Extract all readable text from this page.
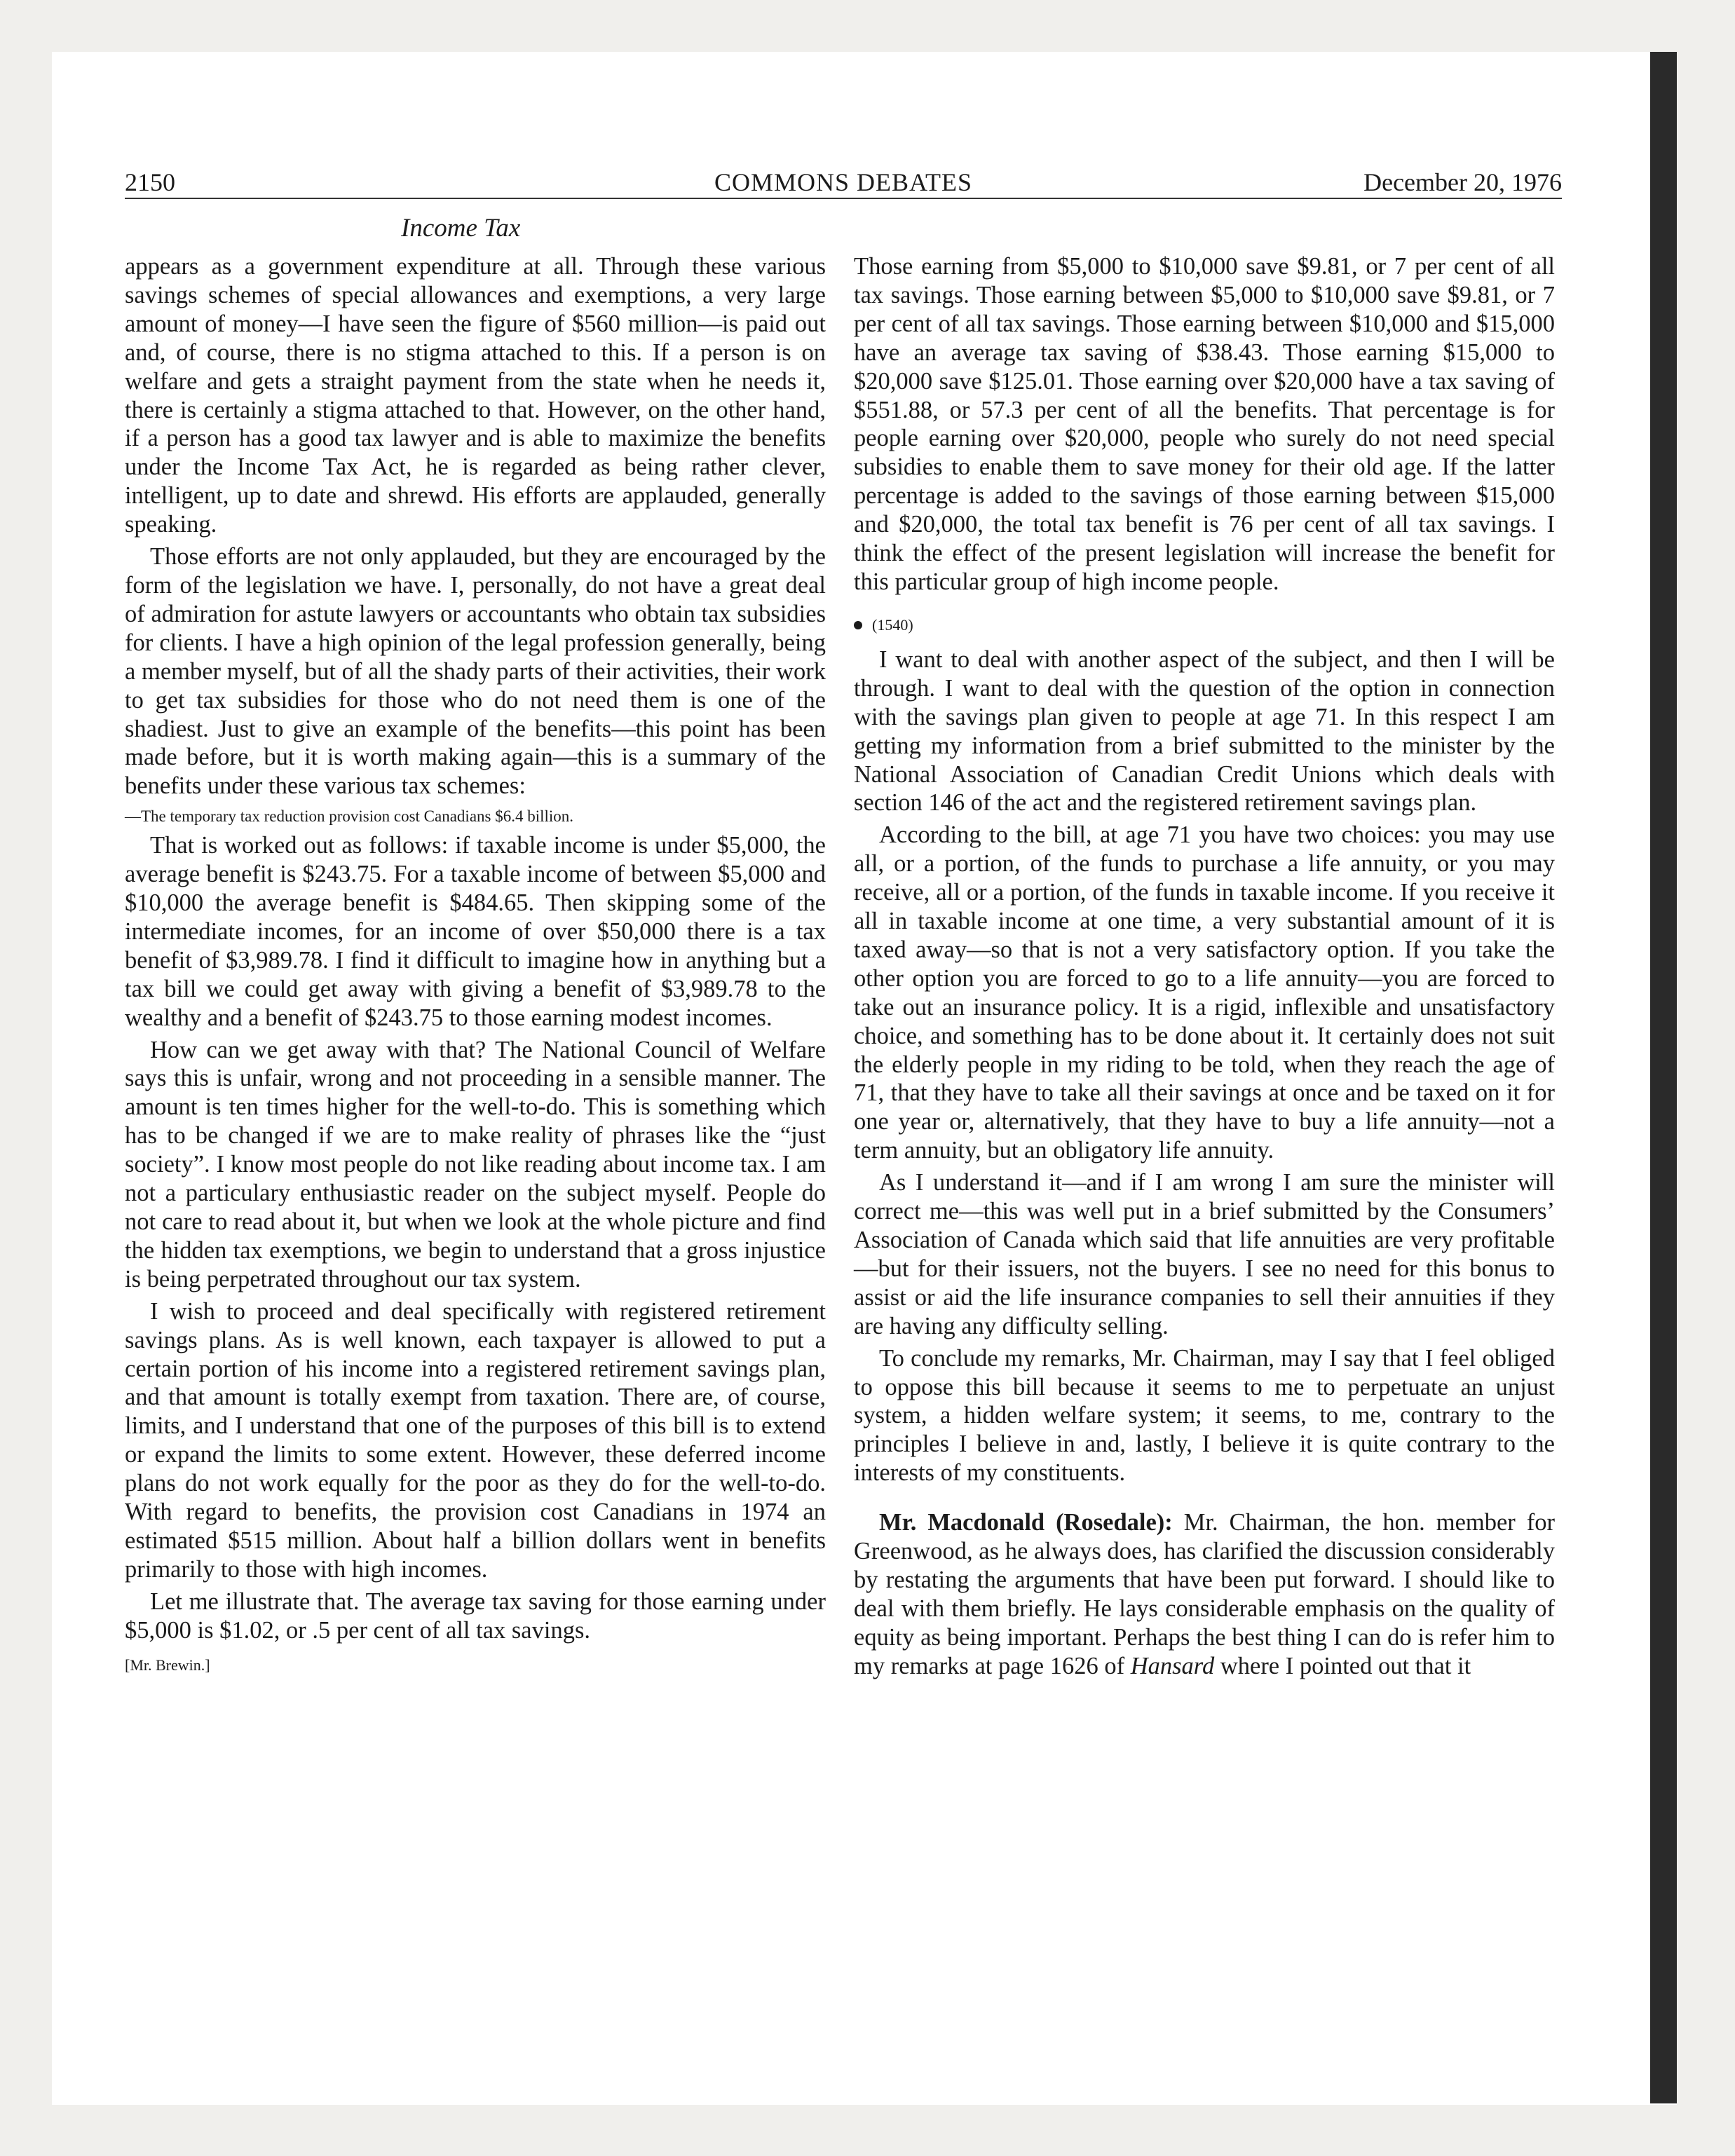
2150	COMMONS DEBATES	December 20, 1976
Income Tax

appears as a government expenditure at all. Through these various savings schemes of special allowances and exemptions, a very large amount of money—I have seen the figure of $560 million—is paid out and, of course, there is no stigma attached to this. If a person is on welfare and gets a straight payment from the state when he needs it, there is certainly a stigma attached to that. However, on the other hand, if a person has a good tax lawyer and is able to maximize the benefits under the Income Tax Act, he is regarded as being rather clever, intelligent, up to date and shrewd. His efforts are applauded, generally speaking.

Those efforts are not only applauded, but they are encouraged by the form of the legislation we have. I, personally, do not have a great deal of admiration for astute lawyers or accountants who obtain tax subsidies for clients. I have a high opinion of the legal profession generally, being a member myself, but of all the shady parts of their activities, their work to get tax subsidies for those who do not need them is one of the shadiest. Just to give an example of the benefits—this point has been made before, but it is worth making again—this is a summary of the benefits under these various tax schemes:

—The temporary tax reduction provision cost Canadians $6.4 billion.

That is worked out as follows: if taxable income is under $5,000, the average benefit is $243.75. For a taxable income of between $5,000 and $10,000 the average benefit is $484.65. Then skipping some of the intermediate incomes, for an income of over $50,000 there is a tax benefit of $3,989.78. I find it difficult to imagine how in anything but a tax bill we could get away with giving a benefit of $3,989.78 to the wealthy and a benefit of $243.75 to those earning modest incomes.

How can we get away with that? The National Council of Welfare says this is unfair, wrong and not proceeding in a sensible manner. The amount is ten times higher for the well-to-do. This is something which has to be changed if we are to make reality of phrases like the “just society”. I know most people do not like reading about income tax. I am not a particulary enthusiastic reader on the subject myself. People do not care to read about it, but when we look at the whole picture and find the hidden tax exemptions, we begin to understand that a gross injustice is being perpetrated throughout our tax system.

I wish to proceed and deal specifically with registered retirement savings plans. As is well known, each taxpayer is allowed to put a certain portion of his income into a registered retirement savings plan, and that amount is totally exempt from taxation. There are, of course, limits, and I understand that one of the purposes of this bill is to extend or expand the limits to some extent. However, these deferred income plans do not work equally for the poor as they do for the well-to-do. With regard to benefits, the provision cost Canadians in 1974 an estimated $515 million. About half a billion dollars went in benefits primarily to those with high incomes.

Let me illustrate that. The average tax saving for those earning under $5,000 is $1.02, or .5 per cent of all tax savings.

[Mr. Brewin.]

Those earning from $5,000 to $10,000 save $9.81, or 7 per cent of all tax savings. Those earning between $5,000 to $10,000 save $9.81, or 7 per cent of all tax savings. Those earning between $10,000 and $15,000 have an average tax saving of $38.43. Those earning $15,000 to $20,000 save $125.01. Those earning over $20,000 have a tax saving of $551.88, or 57.3 per cent of all the benefits. That percentage is for people earning over $20,000, people who surely do not need special subsidies to enable them to save money for their old age. If the latter percentage is added to the savings of those earning between $15,000 and $20,000, the total tax benefit is 76 per cent of all tax savings. I think the effect of the present legislation will increase the benefit for this particular group of high income people.

(1540)

I want to deal with another aspect of the subject, and then I will be through. I want to deal with the question of the option in connection with the savings plan given to people at age 71. In this respect I am getting my information from a brief submitted to the minister by the National Association of Canadian Credit Unions which deals with section 146 of the act and the registered retirement savings plan.

According to the bill, at age 71 you have two choices: you may use all, or a portion, of the funds to purchase a life annuity, or you may receive, all or a portion, of the funds in taxable income. If you receive it all in taxable income at one time, a very substantial amount of it is taxed away—so that is not a very satisfactory option. If you take the other option you are forced to go to a life annuity—you are forced to take out an insurance policy. It is a rigid, inflexible and unsatisfactory choice, and something has to be done about it. It certainly does not suit the elderly people in my riding to be told, when they reach the age of 71, that they have to take all their savings at once and be taxed on it for one year or, alternatively, that they have to buy a life annuity—not a term annuity, but an obligatory life annuity.

As I understand it—and if I am wrong I am sure the minister will correct me—this was well put in a brief submitted by the Consumers’ Association of Canada which said that life annuities are very profitable—but for their issuers, not the buyers. I see no need for this bonus to assist or aid the life insurance companies to sell their annuities if they are having any difficulty selling.

To conclude my remarks, Mr. Chairman, may I say that I feel obliged to oppose this bill because it seems to me to perpetuate an unjust system, a hidden welfare system; it seems, to me, contrary to the principles I believe in and, lastly, I believe it is quite contrary to the interests of my constituents.

Mr. Macdonald (Rosedale): Mr. Chairman, the hon. member for Greenwood, as he always does, has clarified the discussion considerably by restating the arguments that have been put forward. I should like to deal with them briefly. He lays considerable emphasis on the quality of equity as being important. Perhaps the best thing I can do is refer him to my remarks at page 1626 of Hansard where I pointed out that it
